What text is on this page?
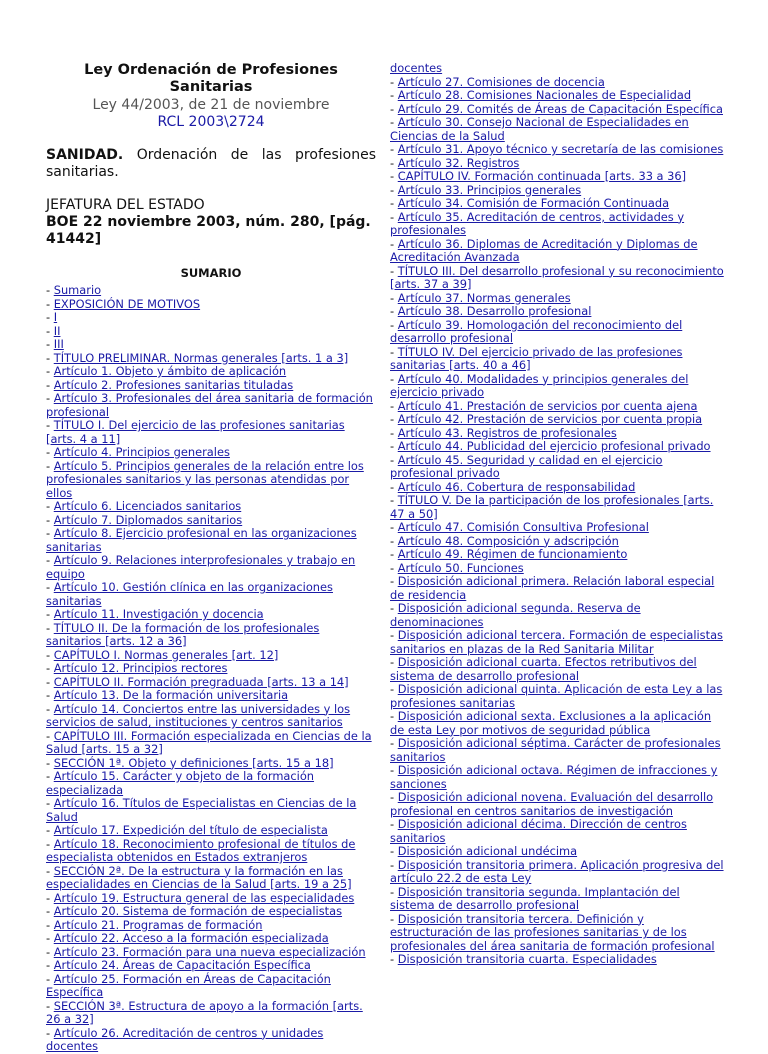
Ley Ordenación de Profesiones Sanitarias
Ley 44/2003, de 21 de noviembre
RCL 2003\2724
SANIDAD. Ordenación de las profesiones sanitarias.
JEFATURA DEL ESTADO
BOE 22 noviembre 2003, núm. 280, [pág. 41442]
SUMARIO
- Sumario
- EXPOSICIÓN DE MOTIVOS
- I
- II
- III
- TÍTULO PRELIMINAR. Normas generales [arts. 1 a 3]
- Artículo 1. Objeto y ámbito de aplicación
- Artículo 2. Profesiones sanitarias tituladas
- Artículo 3. Profesionales del área sanitaria de formación profesional
- TÍTULO I. Del ejercicio de las profesiones sanitarias [arts. 4 a 11]
- Artículo 4. Principios generales
- Artículo 5. Principios generales de la relación entre los profesionales sanitarios y las personas atendidas por ellos
- Artículo 6. Licenciados sanitarios
- Artículo 7. Diplomados sanitarios
- Artículo 8. Ejercicio profesional en las organizaciones sanitarias
- Artículo 9. Relaciones interprofesionales y trabajo en equipo
- Artículo 10. Gestión clínica en las organizaciones sanitarias
- Artículo 11. Investigación y docencia
- TÍTULO II. De la formación de los profesionales sanitarios [arts. 12 a 36]
- CAPÍTULO I. Normas generales [art. 12]
- Artículo 12. Principios rectores
- CAPÍTULO II. Formación pregraduada [arts. 13 a 14]
- Artículo 13. De la formación universitaria
- Artículo 14. Conciertos entre las universidades y los servicios de salud, instituciones y centros sanitarios
- CAPÍTULO III. Formación especializada en Ciencias de la Salud [arts. 15 a 32]
- SECCIÓN 1ª. Objeto y definiciones [arts. 15 a 18]
- Artículo 15. Carácter y objeto de la formación especializada
- Artículo 16. Títulos de Especialistas en Ciencias de la Salud
- Artículo 17. Expedición del título de especialista
- Artículo 18. Reconocimiento profesional de títulos de especialista obtenidos en Estados extranjeros
- SECCIÓN 2ª. De la estructura y la formación en las especialidades en Ciencias de la Salud [arts. 19 a 25]
- Artículo 19. Estructura general de las especialidades
- Artículo 20. Sistema de formación de especialistas
- Artículo 21. Programas de formación
- Artículo 22. Acceso a la formación especializada
- Artículo 23. Formación para una nueva especialización
- Artículo 24. Áreas de Capacitación Específica
- Artículo 25. Formación en Áreas de Capacitación Específica
- SECCIÓN 3ª. Estructura de apoyo a la formación [arts. 26 a 32]
- Artículo 26. Acreditación de centros y unidades docentes
docentes
- Artículo 27. Comisiones de docencia
- Artículo 28. Comisiones Nacionales de Especialidad
- Artículo 29. Comités de Áreas de Capacitación Específica
- Artículo 30. Consejo Nacional de Especialidades en Ciencias de la Salud
- Artículo 31. Apoyo técnico y secretaría de las comisiones
- Artículo 32. Registros
- CAPÍTULO IV. Formación continuada [arts. 33 a 36]
- Artículo 33. Principios generales
- Artículo 34. Comisión de Formación Continuada
- Artículo 35. Acreditación de centros, actividades y profesionales
- Artículo 36. Diplomas de Acreditación y Diplomas de Acreditación Avanzada
- TÍTULO III. Del desarrollo profesional y su reconocimiento [arts. 37 a 39]
- Artículo 37. Normas generales
- Artículo 38. Desarrollo profesional
- Artículo 39. Homologación del reconocimiento del desarrollo profesional
- TÍTULO IV. Del ejercicio privado de las profesiones sanitarias [arts. 40 a 46]
- Artículo 40. Modalidades y principios generales del ejercicio privado
- Artículo 41. Prestación de servicios por cuenta ajena
- Artículo 42. Prestación de servicios por cuenta propia
- Artículo 43. Registros de profesionales
- Artículo 44. Publicidad del ejercicio profesional privado
- Artículo 45. Seguridad y calidad en el ejercicio profesional privado
- Artículo 46. Cobertura de responsabilidad
- TÍTULO V. De la participación de los profesionales [arts. 47 a 50]
- Artículo 47. Comisión Consultiva Profesional
- Artículo 48. Composición y adscripción
- Artículo 49. Régimen de funcionamiento
- Artículo 50. Funciones
- Disposición adicional primera. Relación laboral especial de residencia
- Disposición adicional segunda. Reserva de denominaciones
- Disposición adicional tercera. Formación de especialistas sanitarios en plazas de la Red Sanitaria Militar
- Disposición adicional cuarta. Efectos retributivos del sistema de desarrollo profesional
- Disposición adicional quinta. Aplicación de esta Ley a las profesiones sanitarias
- Disposición adicional sexta. Exclusiones a la aplicación de esta Ley por motivos de seguridad pública
- Disposición adicional séptima. Carácter de profesionales sanitarios
- Disposición adicional octava. Régimen de infracciones y sanciones
- Disposición adicional novena. Evaluación del desarrollo profesional en centros sanitarios de investigación
- Disposición adicional décima. Dirección de centros sanitarios
- Disposición adicional undécima
- Disposición transitoria primera. Aplicación progresiva del artículo 22.2 de esta Ley
- Disposición transitoria segunda. Implantación del sistema de desarrollo profesional
- Disposición transitoria tercera. Definición y estructuración de las profesiones sanitarias y de los profesionales del área sanitaria de formación profesional
- Disposición transitoria cuarta. Especialidades
